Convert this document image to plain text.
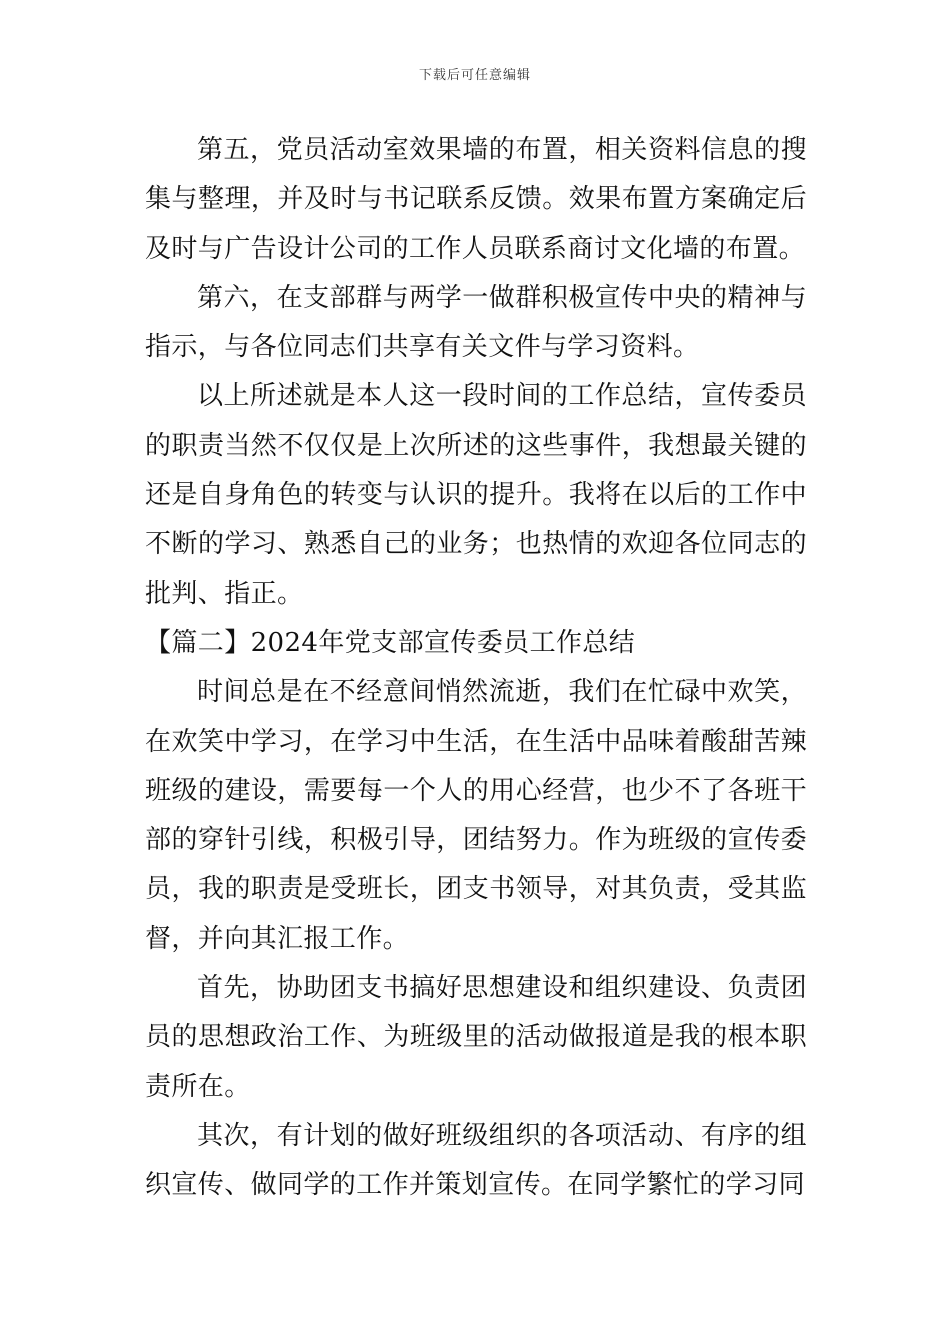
下载后可任意编辑

第五，党员活动室效果墙的布置，相关资料信息的搜集与整理，并及时与书记联系反馈。效果布置方案确定后及时与广告设计公司的工作人员联系商讨文化墙的布置。

第六，在支部群与两学一做群积极宣传中央的精神与指示，与各位同志们共享有关文件与学习资料。

以上所述就是本人这一段时间的工作总结，宣传委员的职责当然不仅仅是上次所述的这些事件，我想最关键的还是自身角色的转变与认识的提升。我将在以后的工作中不断的学习、熟悉自己的业务；也热情的欢迎各位同志的批判、指正。

【篇二】2024年党支部宣传委员工作总结

时间总是在不经意间悄然流逝，我们在忙碌中欢笑，在欢笑中学习，在学习中生活，在生活中品味着酸甜苦辣班级的建设，需要每一个人的用心经营，也少不了各班干部的穿针引线，积极引导，团结努力。作为班级的宣传委员，我的职责是受班长，团支书领导，对其负责，受其监督，并向其汇报工作。

首先，协助团支书搞好思想建设和组织建设、负责团员的思想政治工作、为班级里的活动做报道是我的根本职责所在。

其次，有计划的做好班级组织的各项活动、有序的组织宣传、做同学的工作并策划宣传。在同学繁忙的学习同
